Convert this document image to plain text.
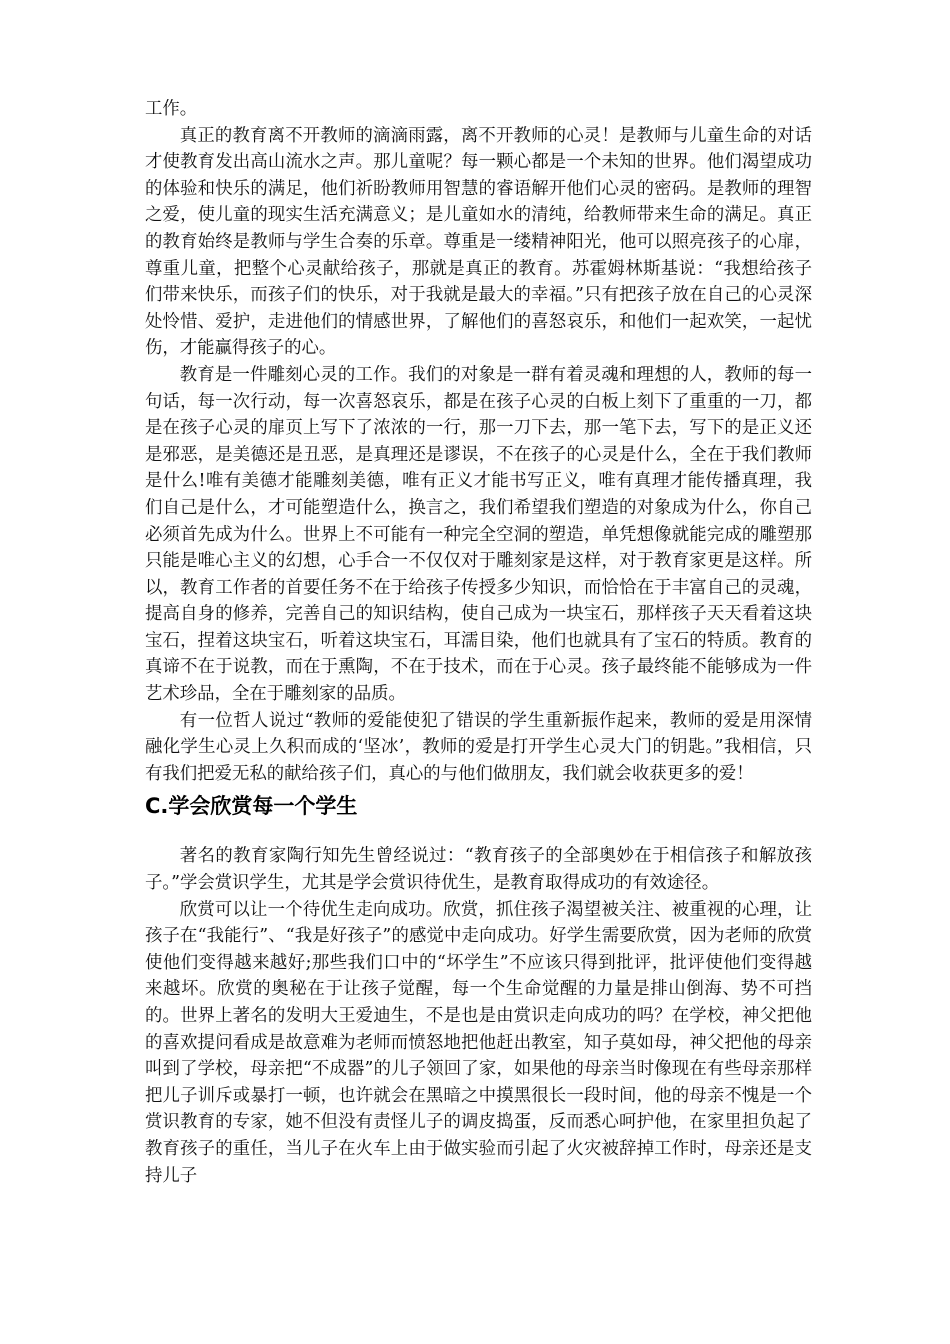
工作。

真正的教育离不开教师的滴滴雨露，离不开教师的心灵！是教师与儿童生命的对话才使教育发出高山流水之声。那儿童呢？每一颗心都是一个未知的世界。他们渴望成功的体验和快乐的满足，他们祈盼教师用智慧的睿语解开他们心灵的密码。是教师的理智之爱，使儿童的现实生活充满意义；是儿童如水的清纯，给教师带来生命的满足。真正的教育始终是教师与学生合奏的乐章。尊重是一缕精神阳光，他可以照亮孩子的心扉，尊重儿童，把整个心灵献给孩子，那就是真正的教育。苏霍姆林斯基说：“我想给孩子们带来快乐，而孩子们的快乐，对于我就是最大的幸福。”只有把孩子放在自己的心灵深处怜惜、爱护，走进他们的情感世界，了解他们的喜怒哀乐，和他们一起欢笑，一起忧伤，才能赢得孩子的心。

教育是一件雕刻心灵的工作。我们的对象是一群有着灵魂和理想的人，教师的每一句话，每一次行动，每一次喜怒哀乐，都是在孩子心灵的白板上刻下了重重的一刀，都是在孩子心灵的扉页上写下了浓浓的一行，那一刀下去，那一笔下去，写下的是正义还是邪恶，是美德还是丑恶，是真理还是谬误，不在孩子的心灵是什么，全在于我们教师是什么!唯有美德才能雕刻美德，唯有正义才能书写正义，唯有真理才能传播真理，我们自己是什么，才可能塑造什么，换言之，我们希望我们塑造的对象成为什么，你自己必须首先成为什么。世界上不可能有一种完全空洞的塑造，单凭想像就能完成的雕塑那只能是唯心主义的幻想，心手合一不仅仅对于雕刻家是这样，对于教育家更是这样。所以，教育工作者的首要任务不在于给孩子传授多少知识，而恰恰在于丰富自己的灵魂，提高自身的修养，完善自己的知识结构，使自己成为一块宝石，那样孩子天天看着这块宝石，捏着这块宝石，听着这块宝石，耳濡目染，他们也就具有了宝石的特质。教育的真谛不在于说教，而在于熏陶，不在于技术，而在于心灵。孩子最终能不能够成为一件艺术珍品，全在于雕刻家的品质。

有一位哲人说过“教师的爱能使犯了错误的学生重新振作起来，教师的爱是用深情融化学生心灵上久积而成的‘坚冰’，教师的爱是打开学生心灵大门的钥匙。”我相信，只有我们把爱无私的献给孩子们，真心的与他们做朋友，我们就会收获更多的爱！

C.学会欣赏每一个学生

著名的教育家陶行知先生曾经说过：“教育孩子的全部奥妙在于相信孩子和解放孩子。”学会赏识学生，尤其是学会赏识待优生，是教育取得成功的有效途径。

欣赏可以让一个待优生走向成功。欣赏，抓住孩子渴望被关注、被重视的心理，让孩子在“我能行”、“我是好孩子”的感觉中走向成功。好学生需要欣赏，因为老师的欣赏使他们变得越来越好;那些我们口中的“坏学生”不应该只得到批评，批评使他们变得越来越坏。欣赏的奥秘在于让孩子觉醒，每一个生命觉醒的力量是排山倒海、势不可挡的。世界上著名的发明大王爱迪生，不是也是由赏识走向成功的吗？在学校，神父把他的喜欢提问看成是故意难为老师而愤怒地把他赶出教室，知子莫如母，神父把他的母亲叫到了学校，母亲把“不成器”的儿子领回了家，如果他的母亲当时像现在有些母亲那样把儿子训斥或暴打一顿，也许就会在黑暗之中摸黑很长一段时间，他的母亲不愧是一个赏识教育的专家，她不但没有责怪儿子的调皮捣蛋，反而悉心呵护他，在家里担负起了教育孩子的重任，当儿子在火车上由于做实验而引起了火灾被辞掉工作时，母亲还是支持儿子
